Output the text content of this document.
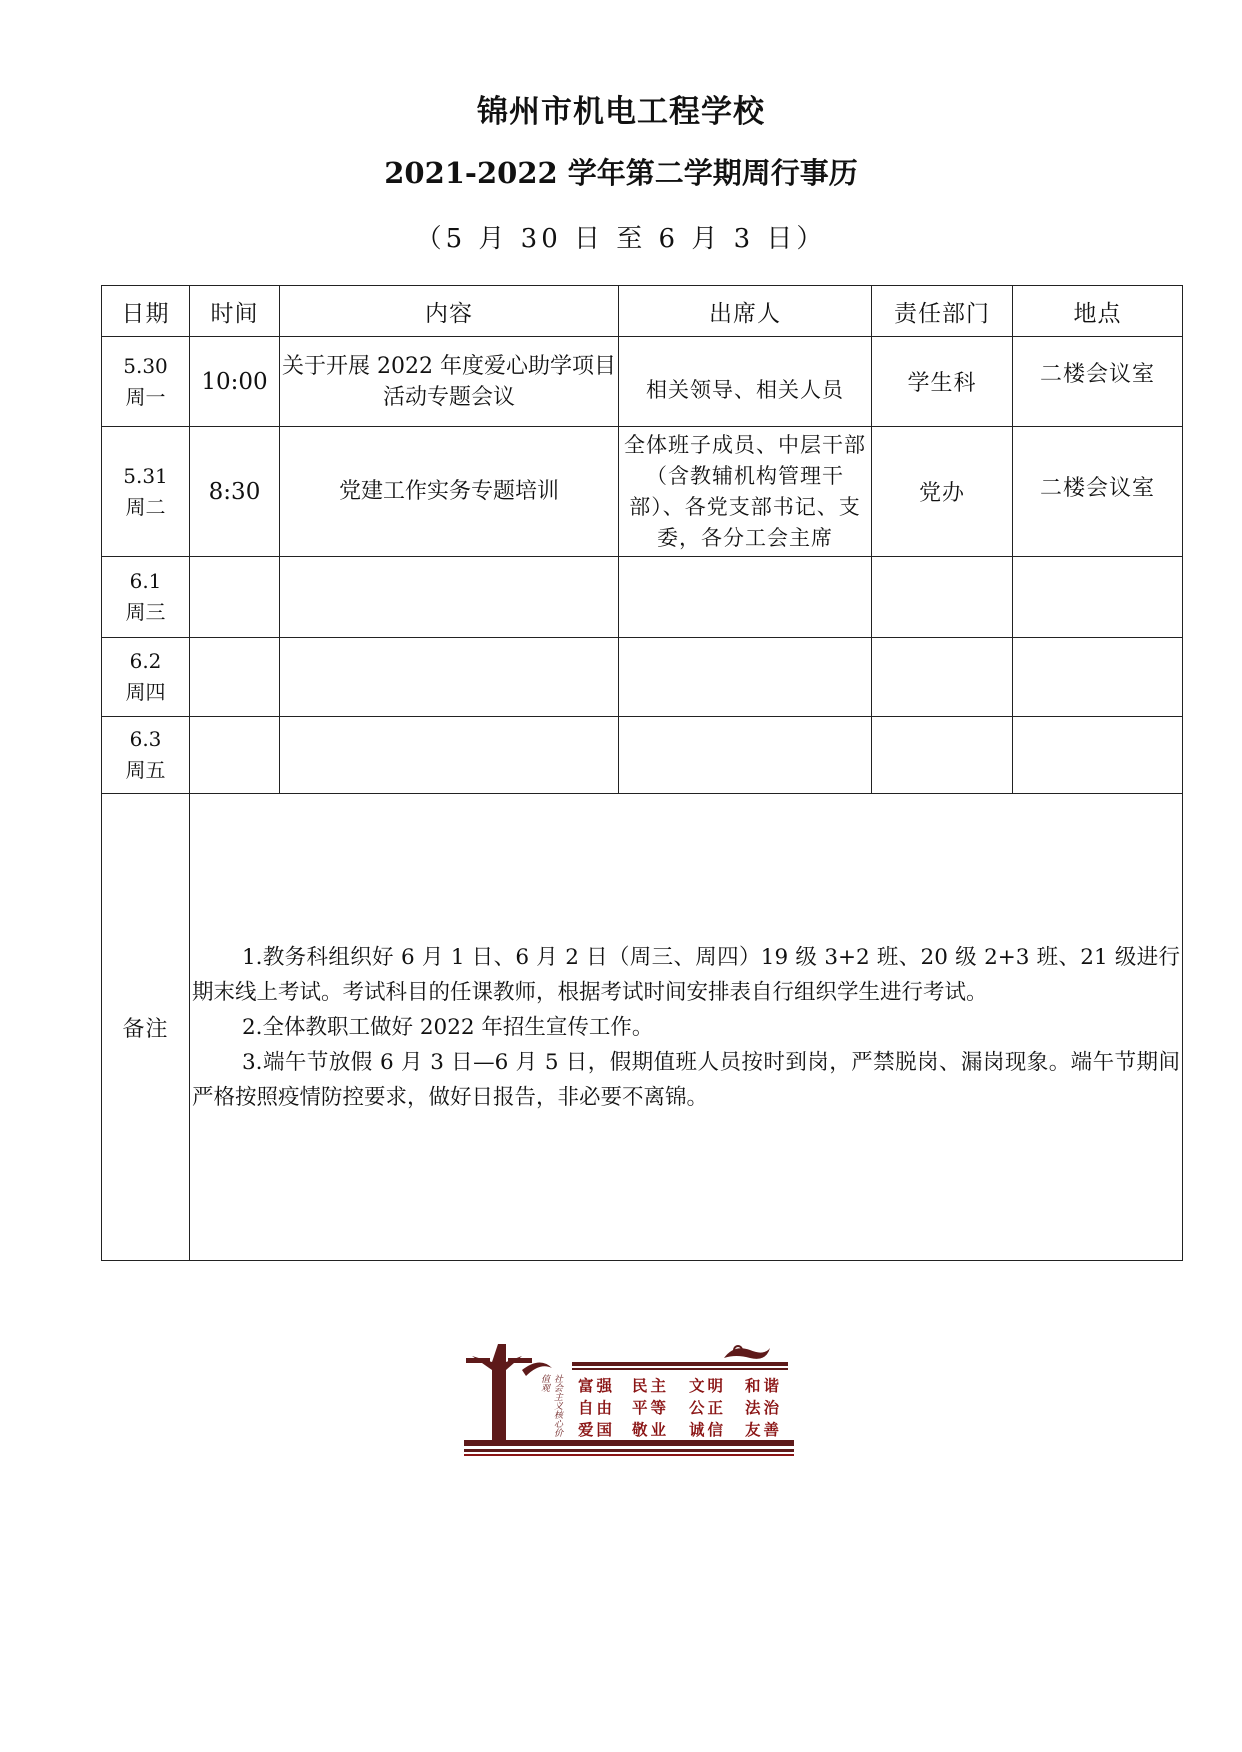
锦州市机电工程学校
2021-2022 学年第二学期周行事历
（5 月 30 日 至 6 月 3 日）
日期	时间	内容	出席人	责任部门	地点

5.30
周一	10:00	关于开展 2022 年度爱心助学项目活动专题会议	相关领导、相关人员	学生科	二楼会议室

5.31
周二	8:30	党建工作实务专题培训	全体班子成员、中层干部（含教辅机构管理干部）、各党支部书记、支委，各分工会主席	党办	二楼会议室

6.1
周三					

6.2
周四					

6.3
周五					

备注	1.教务科组织好 6 月 1 日、6 月 2 日（周三、周四）19 级 3+2 班、20 级 2+3 班、21 级进行期末线上考试。考试科目的任课教师，根据考试时间安排表自行组织学生进行考试。

2.全体教职工做好 2022 年招生宣传工作。

3.端午节放假 6 月 3 日—6 月 5 日，假期值班人员按时到岗，严禁脱岗、漏岗现象。端午节期间严格按照疫情防控要求，做好日报告，非必要不离锦。				

社会主义核心价值观	富强 民主 文明 和谐
自由 平等 公正 法治
爱国 敬业 诚信 友善
